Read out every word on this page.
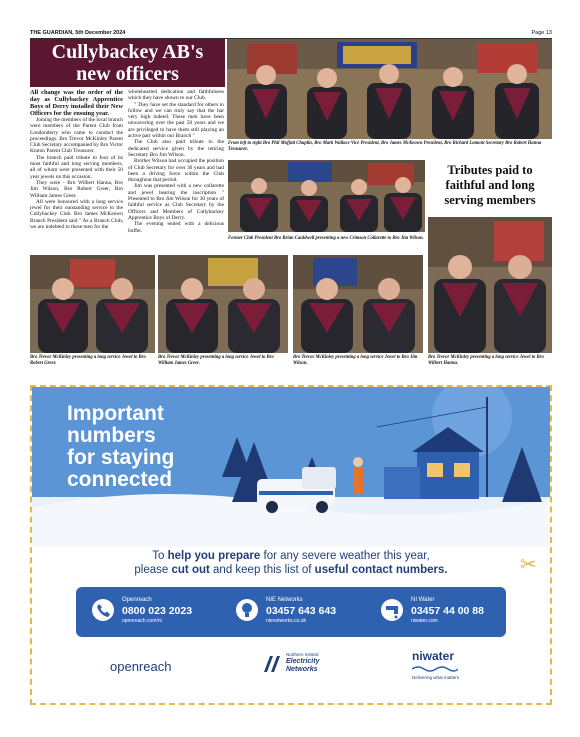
THE GUARDIAN, 5th December 2024	Page 13
Cullybackey AB's
new officers

All change was the order of the day as Cullybackey Apprentice Boys of Derry installed their New Officers for the ensuing year.

Joining the members of the local branch were members of the Parent Club from Londonderry who came to conduct the proceedings. Bro Trevor McKinley Parent Club Secretary accompanied by Bro Victor Kinton Parent Club Treasurer.

The branch paid tribute to four of its most faithful and long serving members, all of whom were presented with their 50 year jewels on this occasion.

They were - Bro Wilbert Hanna, Bro Jim Wilson, Bro Robert Greer, Bro William James Greer.

All were honoured with a long service jewel for their outstanding service to the Cullybackey Club. Bro James McKeown Branch President said " As a Branch Club, we are indebted to these men for the

wholehearted dedication and faithfulness which they have shown to our Club.

" They have set the standard for others to follow and we can truly say that the bar very high indeed. These men have been unwavering over the past 50 years and we are privileged to have them still playing an active part within our Branch "

The Club also paid tribute to the dedicated service given by the retiring Secretary Bro Jim Wilson.

Brother Wilson had occupied the position of Club Secretary for over 30 years and had been a driving force within the Club throughout that period.

Jim was presented with a new collarette and jewel bearing the inscription " Presented to Bro Jim Wilson for 30 years of faithful service as Club Secretary by the Officers and Members of Cullybackey Apprentice Boys of Derry.

The evening ended with a delicious buffet.

From left to right Bro Phil Moffatt Chaplin, Bro Mark Wallace Vice President, Bro James McKeown President, Bro Richard Lamont Secretary Bro Robert Hanna Treasurer.
Former Club President Bro Brian Cauldwell presenting a new Crimson Collarette to Bro Jim Wilson.
Tributes paid to faithful and long serving members
Bro Trevor McKinley presenting a long service Jewel to Bro Robert Greer.
Bro Trevor McKinley presenting a long service Jewel to Bro William James Greer.
Bro Trevor McKinley presenting a long service Jewel to Bro Jim Wilson.
Bro Trevor McKinley presenting a long service Jewel to Bro Wilbert Hanna.
Important
numbers
for staying
connected
To help you prepare for any severe weather this year,
please cut out and keep this list of useful contact numbers.	✂
Openreach
0800 023 2023
openreach.com/ni
NIE Networks
03457 643 643
nienetworks.co.uk
NI Water
03457 44 00 88
niwater.com
openreach
Northern Ireland
Electricity
Networks
niwater
Delivering what matters
